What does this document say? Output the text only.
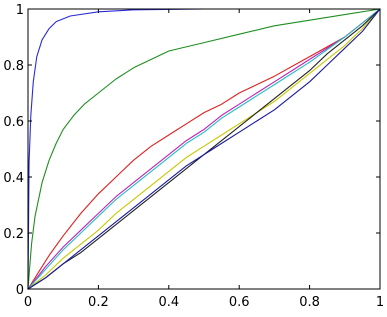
0	0.2	0.4	0.6	0.8	1
0
0.2
0.4
0.6
0.8
1
